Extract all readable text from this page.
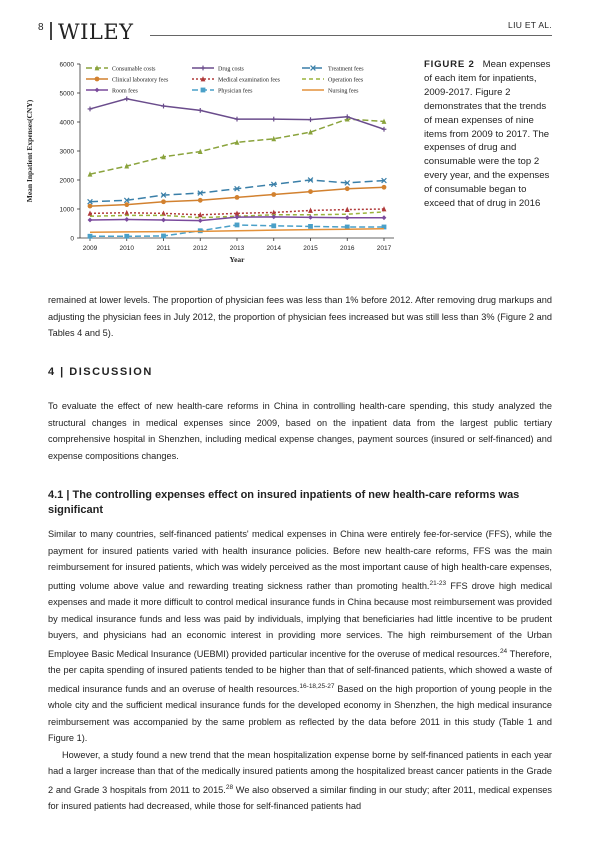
8 WILEY	LIU ET AL.
0
1000
2000
3000
4000
5000
6000
2009	2010	2011	2012	2013	2014	2015	2016	2017
Year
Mean Inpatient Expenses(CNY)
Consumable costs	Drug costs	Treatment fees
Clinical laboratory fees	Medical examination fees	Operation fees
Room fees	Physician fees	Nursing fees
FIGURE 2 Mean expenses of each item for inpatients, 2009-2017. Figure 2 demonstrates that the trends of mean expenses of nine items from 2009 to 2017. The expenses of drug and consumable were the top 2 every year, and the expenses of consumable began to exceed that of drug in 2016

remained at lower levels. The proportion of physician fees was less than 1% before 2012. After removing drug markups and adjusting the physician fees in July 2012, the proportion of physician fees increased but was still less than 3% (Figure 2 and Tables 4 and 5).

4 | DISCUSSION

To evaluate the effect of new health-care reforms in China in controlling health-care spending, this study analyzed the structural changes in medical expenses since 2009, based on the inpatient data from the largest public tertiary comprehensive hospital in Shenzhen, including medical expense changes, payment sources (insured or self-financed) and expense compositions changes.

4.1 | The controlling expenses effect on insured inpatients of new health-care reforms was significant

Similar to many countries, self-financed patients' medical expenses in China were entirely fee-for-service (FFS), while the payment for insured patients varied with health insurance policies. Before new health-care reforms, FFS was the main reimbursement for insured patients, which was widely perceived as the most important cause of high health-care expenses, putting volume above value and rewarding treating sickness rather than promoting health.$^{21-23}$ FFS drove high medical expenses and made it more difficult to control medical insurance funds in China because most reimbursement was provided by medical insurance funds and less was paid by individuals, implying that beneficiaries had little incentive to be prudent buyers, and physicians had an economic interest in providing more services. The high reimbursement of the Urban Employee Basic Medical Insurance (UEBMI) provided particular incentive for the overuse of medical resources.$^{24}$ Therefore, the per capita spending of insured patients tended to be higher than that of self-financed patients, which showed a waste of medical insurance funds and an overuse of health resources.$^{16-18,25-27}$ Based on the high proportion of young people in the whole city and the sufficient medical insurance funds for the developed economy in Shenzhen, the high medical insurance reimbursement was accompanied by the same problem as reflected by the data before 2011 in this study (Table 1 and Figure 1).

However, a study found a new trend that the mean hospitalization expense borne by self-financed patients in each year had a larger increase than that of the medically insured patients among the hospitalized breast cancer patients in the Grade 2 and Grade 3 hospitals from 2011 to 2015.28 We also observed a similar finding in our study; after 2011, medical expenses for insured patients had decreased, while those for self-financed patients had
